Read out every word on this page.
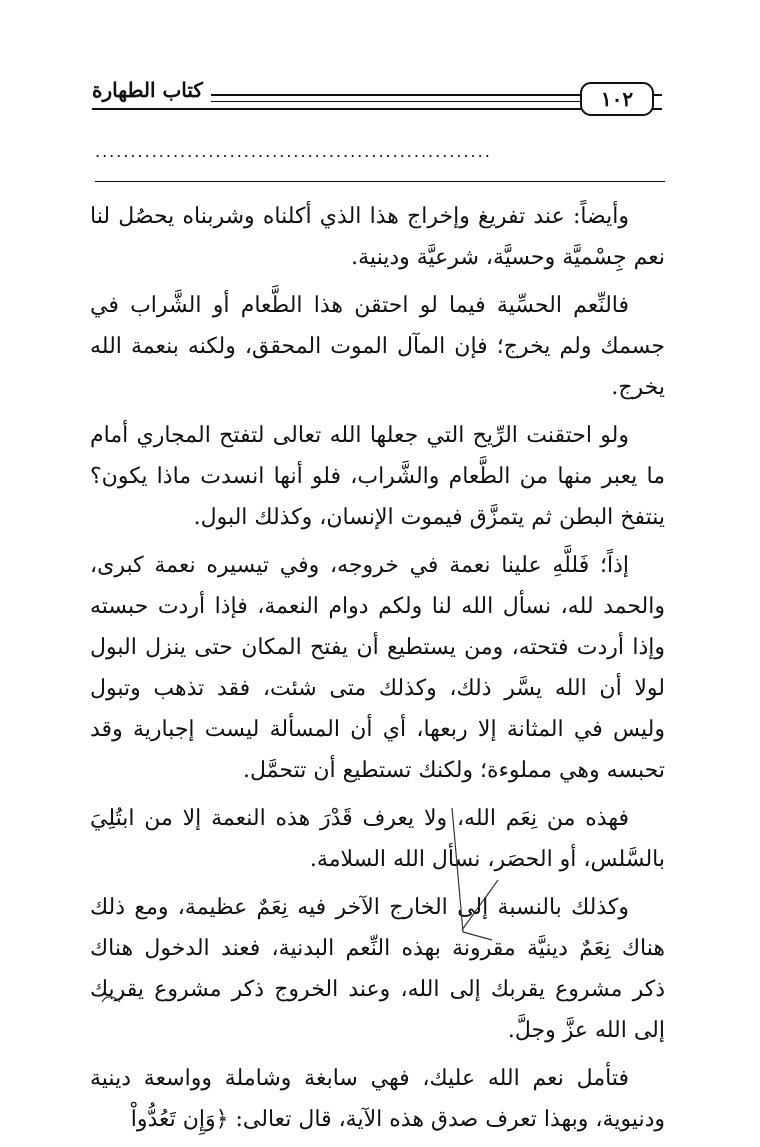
كتاب الطهارة	١٠٢
........................................................

وأيضاً: عند تفريغ وإخراج هذا الذي أكلناه وشربناه يحصُل لنا نعم جِسْميَّة وحسيَّة، شرعيَّة ودينية.

فالنِّعم الحسِّية فيما لو احتقن هذا الطَّعام أو الشَّراب في جسمك ولم يخرج؛ فإن المآل الموت المحقق، ولكنه بنعمة الله يخرج.

ولو احتقنت الرِّيح التي جعلها الله تعالى لتفتح المجاري أمام ما يعبر منها من الطَّعام والشَّراب، فلو أنها انسدت ماذا يكون؟ ينتفخ البطن ثم يتمزَّق فيموت الإنسان، وكذلك البول.

إذاً؛ فَللَّهِ علينا نعمة في خروجه، وفي تيسيره نعمة كبرى، والحمد لله، نسأل الله لنا ولكم دوام النعمة، فإذا أردت حبسته وإذا أردت فتحته، ومن يستطيع أن يفتح المكان حتى ينزل البول لولا أن الله يسَّر ذلك، وكذلك متى شئت، فقد تذهب وتبول وليس في المثانة إلا ربعها، أي أن المسألة ليست إجبارية وقد تحبسه وهي مملوءة؛ ولكنك تستطيع أن تتحمَّل.

فهذه من نِعَم الله، ولا يعرف قَدْرَ هذه النعمة إلا من ابتُلِيَ بالسَّلس، أو الحصَر، نسأل الله السلامة.

وكذلك بالنسبة إلى الخارج الآخر فيه نِعَمٌ عظيمة، ومع ذلك هناك نِعَمٌ دينيَّة مقرونة بهذه النِّعم البدنية، فعند الدخول هناك ذكر مشروع يقربك إلى الله، وعند الخروج ذكر مشروع يقربك إلى الله عزَّ وجلَّ.

فتأمل نعم الله عليك، فهي سابغة وشاملة وواسعة دينية ودنيوية، وبهذا تعرف صدق هذه الآية، قال تعالى: ﴿وَإِن تَعُدُّواْ
